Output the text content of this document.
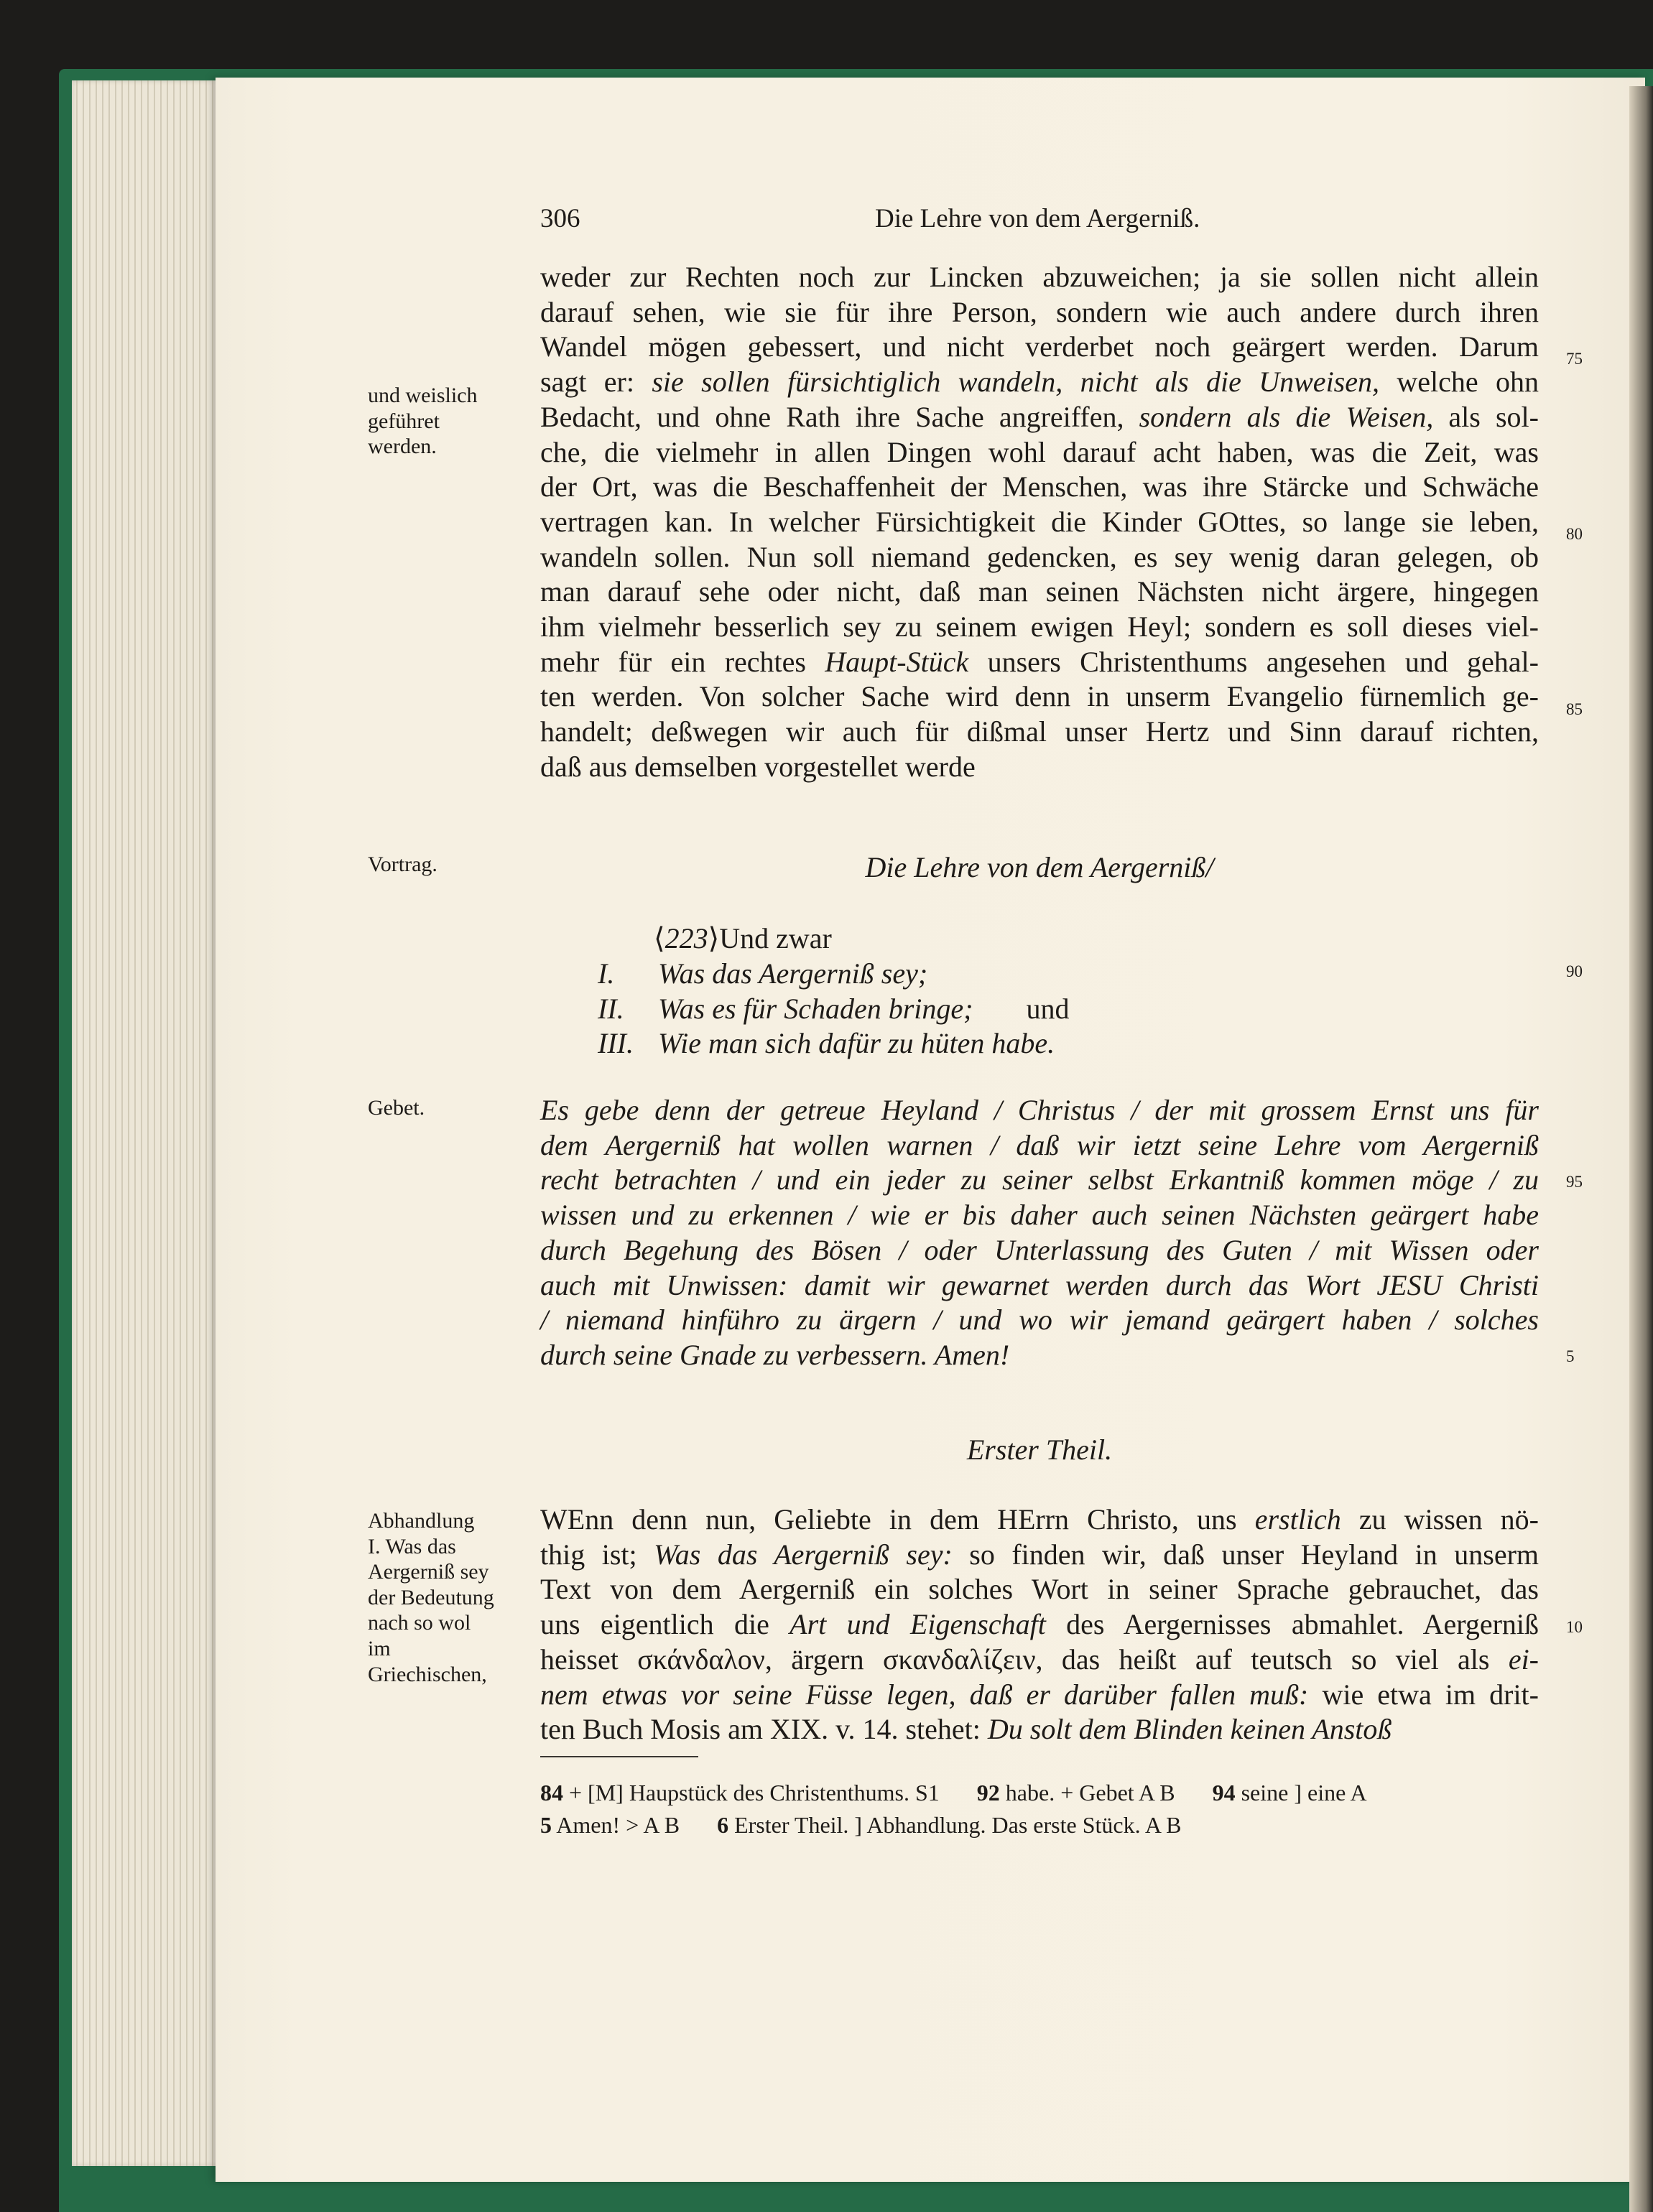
306	Die Lehre von dem Aergerniß.
und weislich
geführet
werden.
Vortrag.
Gebet.
Abhandlung
I. Was das
Aergerniß sey
der Bedeutung
nach so wol
im
Griechischen,
75
80
85
90
95
5
10

weder zur Rechten noch zur Lincken abzuweichen; ja sie sollen nicht allein

darauf sehen, wie sie für ihre Person, sondern wie auch andere durch ihren

Wandel mögen gebessert, und nicht verderbet noch geärgert werden. Darum

sagt er: sie sollen fürsichtiglich wandeln, nicht als die Unweisen, welche ohn

Bedacht, und ohne Rath ihre Sache angreiffen, sondern als die Weisen, als sol-

che, die vielmehr in allen Dingen wohl darauf acht haben, was die Zeit, was

der Ort, was die Beschaffenheit der Menschen, was ihre Stärcke und Schwäche

vertragen kan. In welcher Fürsichtigkeit die Kinder GOttes, so lange sie leben,

wandeln sollen. Nun soll niemand gedencken, es sey wenig daran gelegen, ob

man darauf sehe oder nicht, daß man seinen Nächsten nicht ärgere, hingegen

ihm vielmehr besserlich sey zu seinem ewigen Heyl; sondern es soll dieses viel-

mehr für ein rechtes Haupt-Stück unsers Christenthums angesehen und gehal-

ten werden. Von solcher Sache wird denn in unserm Evangelio fürnemlich ge-

handelt; deßwegen wir auch für dißmal unser Hertz und Sinn darauf richten,

daß aus demselben vorgestellet werde

Die Lehre von dem Aergerniß/
⟨223⟩Und zwar
I.	Was das Aergerniß sey;
II.	Was es für Schaden bringe; und
III. Wie man sich dafür zu hüten habe.

Es gebe denn der getreue Heyland / Christus / der mit grossem Ernst uns für

dem Aergerniß hat wollen warnen / daß wir ietzt seine Lehre vom Aergerniß

recht betrachten / und ein jeder zu seiner selbst Erkantniß kommen möge / zu

wissen und zu erkennen / wie er bis daher auch seinen Nächsten geärgert habe

durch Begehung des Bösen / oder Unterlassung des Guten / mit Wissen oder

auch mit Unwissen: damit wir gewarnet werden durch das Wort JESU Christi

/ niemand hinführo zu ärgern / und wo wir jemand geärgert haben / solches

durch seine Gnade zu verbessern. Amen!

Erster Theil.

WEnn denn nun, Geliebte in dem HErrn Christo, uns erstlich zu wissen nö-

thig ist; Was das Aergerniß sey: so finden wir, daß unser Heyland in unserm

Text von dem Aergerniß ein solches Wort in seiner Sprache gebrauchet, das

uns eigentlich die Art und Eigenschaft des Aergernisses abmahlet. Aergerniß

heisset σκάνδαλον, ärgern σκανδαλίζειν, das heißt auf teutsch so viel als ei-

nem etwas vor seine Füsse legen, daß er darüber fallen muß: wie etwa im drit-

ten Buch Mosis am XIX. v. 14. stehet: Du solt dem Blinden keinen Anstoß

84 + [M] Haupstück des Christenthums. S1 92 habe. + Gebet A B 94 seine ] eine A
5 Amen! > A B 6 Erster Theil. ] Abhandlung. Das erste Stück. A B
